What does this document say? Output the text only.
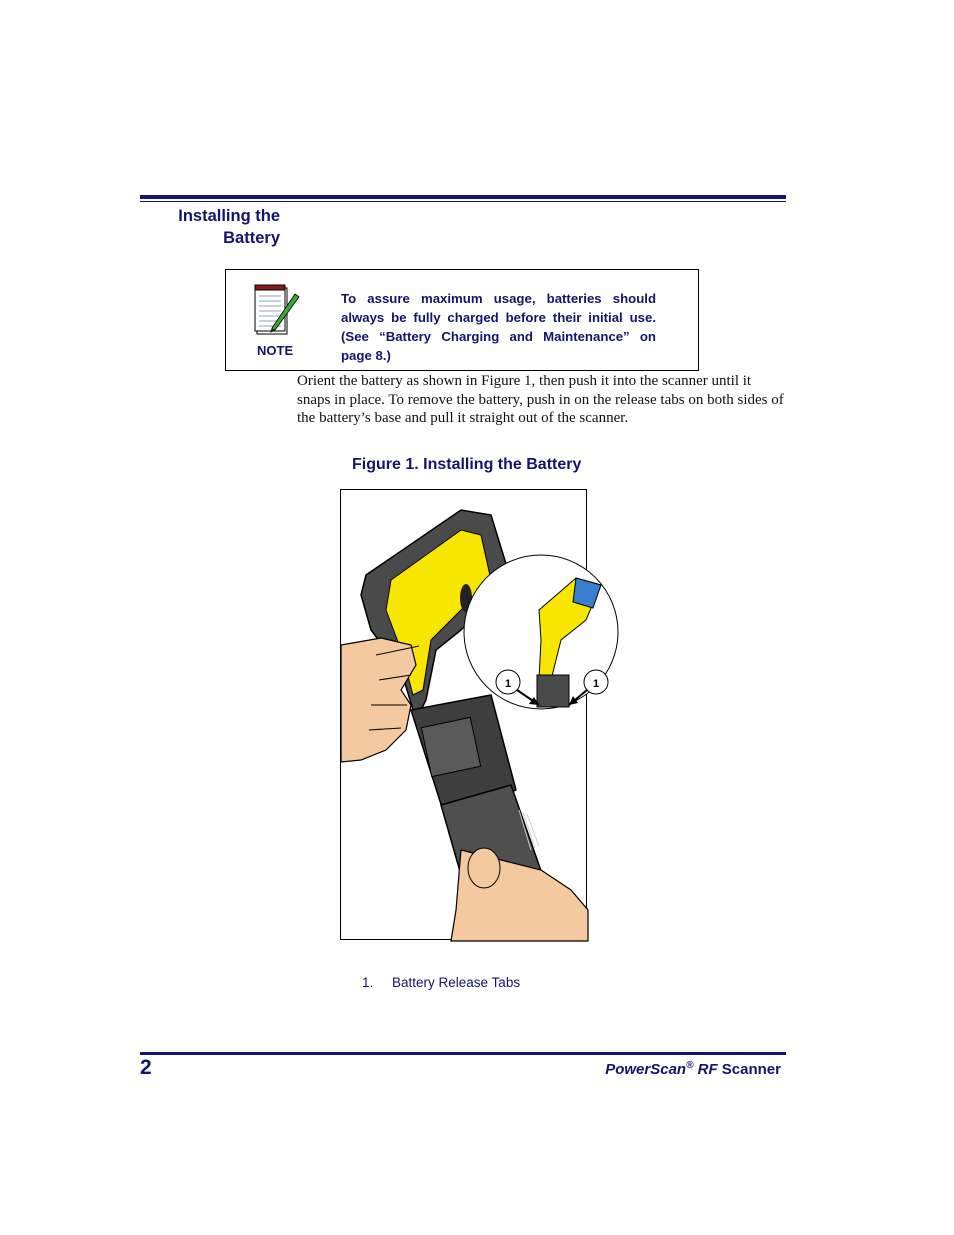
Installing the
Battery
NOTE
To assure maximum usage, batteries should always be fully charged before their initial use. (See “Battery Charging and Maintenance” on page 8.)
Orient the battery as shown in Figure 1, then push it into the scanner until it snaps in place. To remove the battery, push in on the release tabs on both sides of the battery’s base and pull it straight out of the scanner.
Figure 1. Installing the Battery
1	1
1. Battery Release Tabs
2	PowerScan® RF Scanner
